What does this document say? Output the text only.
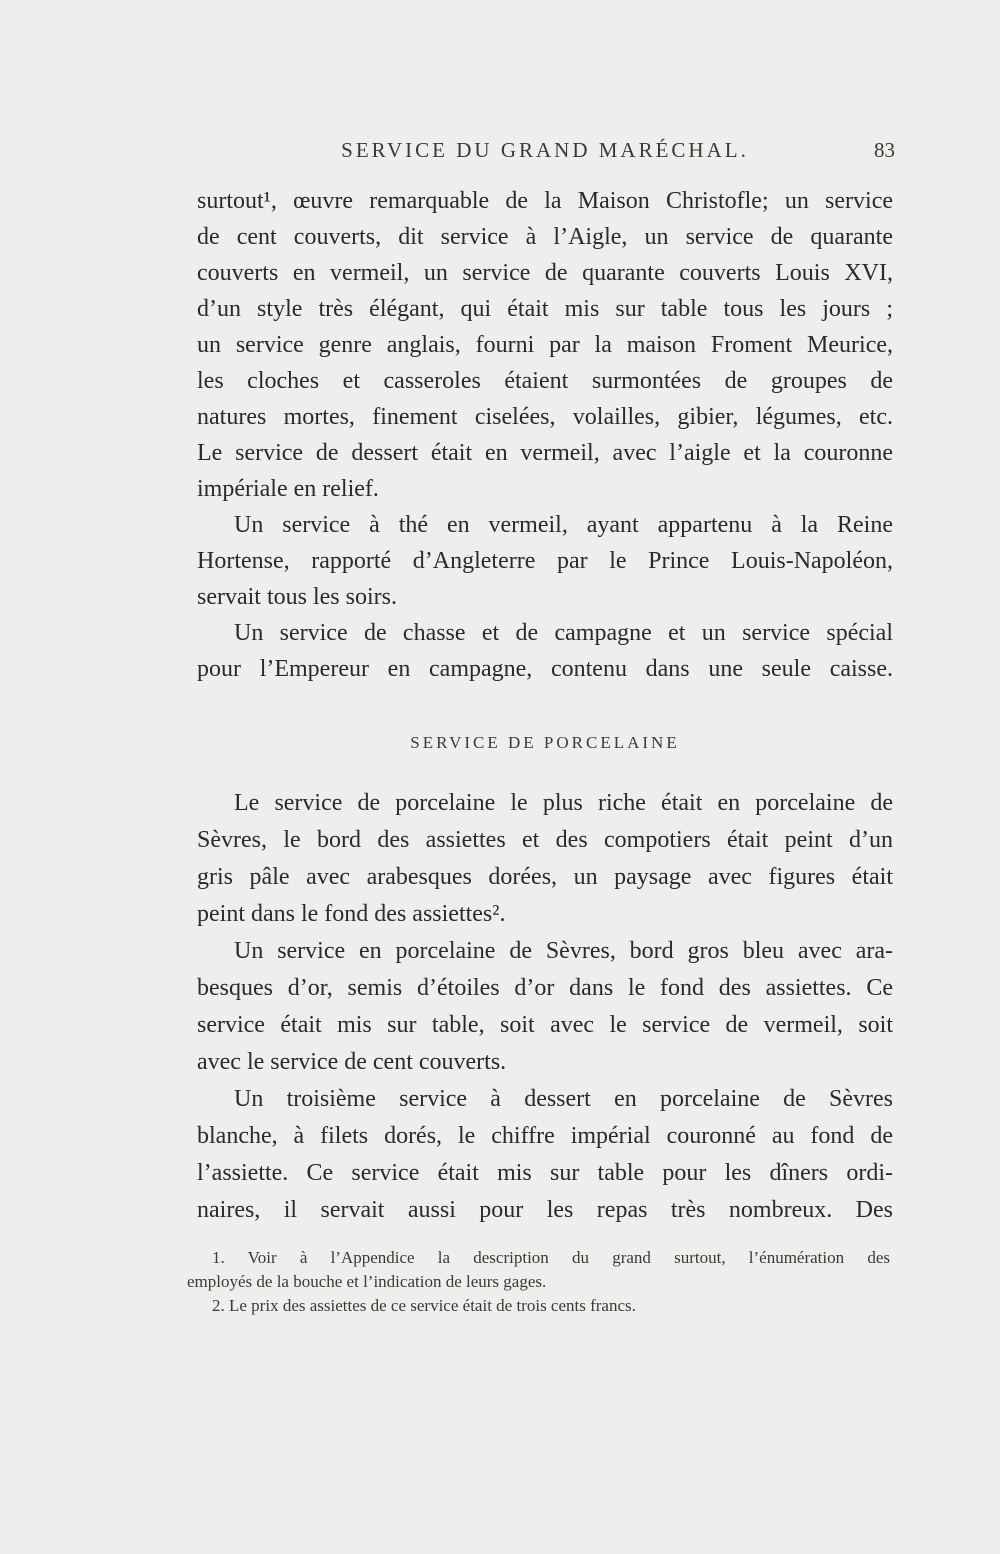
SERVICE DU GRAND MARÉCHAL.	83
surtout¹, œuvre remarquable de la Maison Christofle; un service
de cent couverts, dit service à l’Aigle, un service de quarante
couverts en vermeil, un service de quarante couverts Louis XVI,
d’un style très élégant, qui était mis sur table tous les jours ;
un service genre anglais, fourni par la maison Froment Meurice,
les cloches et casseroles étaient surmontées de groupes de
natures mortes, finement ciselées, volailles, gibier, légumes, etc.
Le service de dessert était en vermeil, avec l’aigle et la couronne
impériale en relief.
Un service à thé en vermeil, ayant appartenu à la Reine
Hortense, rapporté d’Angleterre par le Prince Louis-Napoléon,
servait tous les soirs.
Un service de chasse et de campagne et un service spécial
pour l’Empereur en campagne, contenu dans une seule caisse.
SERVICE DE PORCELAINE
Le service de porcelaine le plus riche était en porcelaine de
Sèvres, le bord des assiettes et des compotiers était peint d’un
gris pâle avec arabesques dorées, un paysage avec figures était
peint dans le fond des assiettes².
Un service en porcelaine de Sèvres, bord gros bleu avec ara-
besques d’or, semis d’étoiles d’or dans le fond des assiettes. Ce
service était mis sur table, soit avec le service de vermeil, soit
avec le service de cent couverts.
Un troisième service à dessert en porcelaine de Sèvres
blanche, à filets dorés, le chiffre impérial couronné au fond de
l’assiette. Ce service était mis sur table pour les dîners ordi-
naires, il servait aussi pour les repas très nombreux. Des
1. Voir à l’Appendice la description du grand surtout, l’énumération des
employés de la bouche et l’indication de leurs gages.
2. Le prix des assiettes de ce service était de trois cents francs.
